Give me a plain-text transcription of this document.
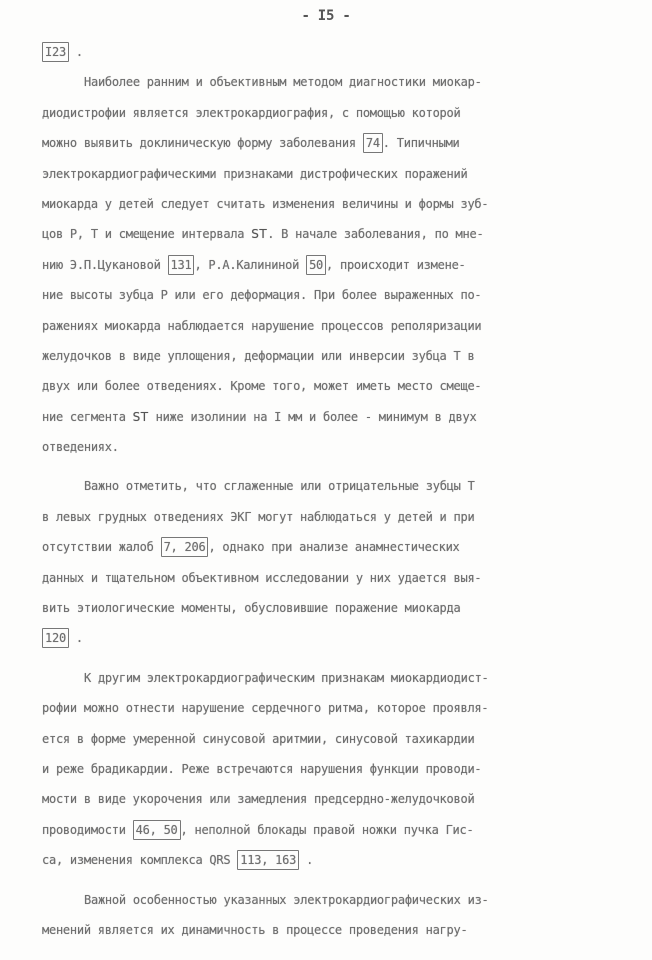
- I5 -
I23 .
Наиболее ранним и объективным методом диагностики миокар-
диодистрофии является электрокардиография, с помощью которой
можно выявить доклиническую форму заболевания 74 . Типичными
электрокардиографическими признаками дистрофических поражений
миокарда у детей следует считать изменения величины и формы зуб-
цов Р, Т и смещение интервала ST. В начале заболевания, по мне-
нию Э.П.Цукановой 131 , Р.А.Калининой 50 , происходит измене-
ние высоты зубца Р или его деформация. При более выраженных по-
ражениях миокарда наблюдается нарушение процессов реполяризации
желудочков в виде уплощения, деформации или инверсии зубца Т в
двух или более отведениях. Кроме того, может иметь место смеще-
ние сегмента ST ниже изолинии на I мм и более - минимум в двух
отведениях.
Важно отметить, что сглаженные или отрицательные зубцы Т
в левых грудных отведениях ЭКГ могут наблюдаться у детей и при
отсутствии жалоб 7, 206 , однако при анализе анамнестических
данных и тщательном объективном исследовании у них удается выя-
вить этиологические моменты, обусловившие поражение миокарда
120 .
К другим электрокардиографическим признакам миокардиодист-
рофии можно отнести нарушение сердечного ритма, которое проявля-
ется в форме умеренной синусовой аритмии, синусовой тахикардии
и реже брадикардии. Реже встречаются нарушения функции проводи-
мости в виде укорочения или замедления предсердно-желудочковой
проводимости 46, 50 , неполной блокады правой ножки пучка Гис-
са, изменения комплекса QRS 113, 163 .
Важной особенностью указанных электрокардиографических из-
менений является их динамичность в процессе проведения нагру-
